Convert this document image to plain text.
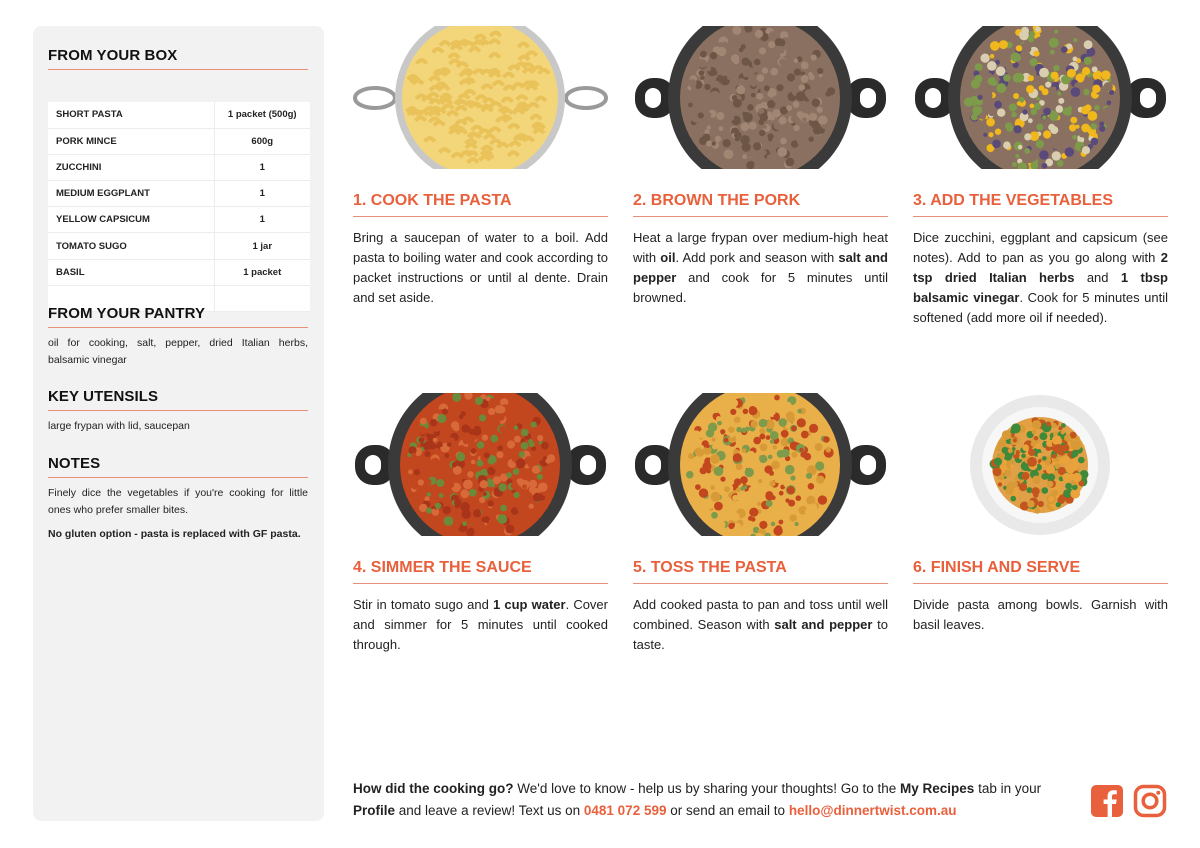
FROM YOUR BOX
SHORT PASTA	1 packet (500g)
PORK MINCE	600g
ZUCCHINI	1
MEDIUM EGGPLANT	1
YELLOW CAPSICUM	1
TOMATO SUGO	1 jar
BASIL	1 packet

FROM YOUR PANTRY
oil for cooking, salt, pepper, dried Italian herbs, balsamic vinegar
KEY UTENSILS
large frypan with lid, saucepan
NOTES
Finely dice the vegetables if you're cooking for little ones who prefer smaller bites.
No gluten option - pasta is replaced with GF pasta.
1. COOK THE PASTA
Bring a saucepan of water to a boil. Add pasta to boiling water and cook according to packet instructions or until al dente. Drain and set aside.
2. BROWN THE PORK
Heat a large frypan over medium-high heat with oil. Add pork and season with salt and pepper and cook for 5 minutes until browned.
3. ADD THE VEGETABLES
Dice zucchini, eggplant and capsicum (see notes). Add to pan as you go along with 2 tsp dried Italian herbs and 1 tbsp balsamic vinegar. Cook for 5 minutes until softened (add more oil if needed).
4. SIMMER THE SAUCE
Stir in tomato sugo and 1 cup water. Cover and simmer for 5 minutes until cooked through.
5. TOSS THE PASTA
Add cooked pasta to pan and toss until well combined. Season with salt and pepper to taste.
6. FINISH AND SERVE
Divide pasta among bowls. Garnish with basil leaves.
How did the cooking go? We'd love to know - help us by sharing your thoughts! Go to the My Recipes tab in your Profile and leave a review! Text us on 0481 072 599 or send an email to hello@dinnertwist.com.au
